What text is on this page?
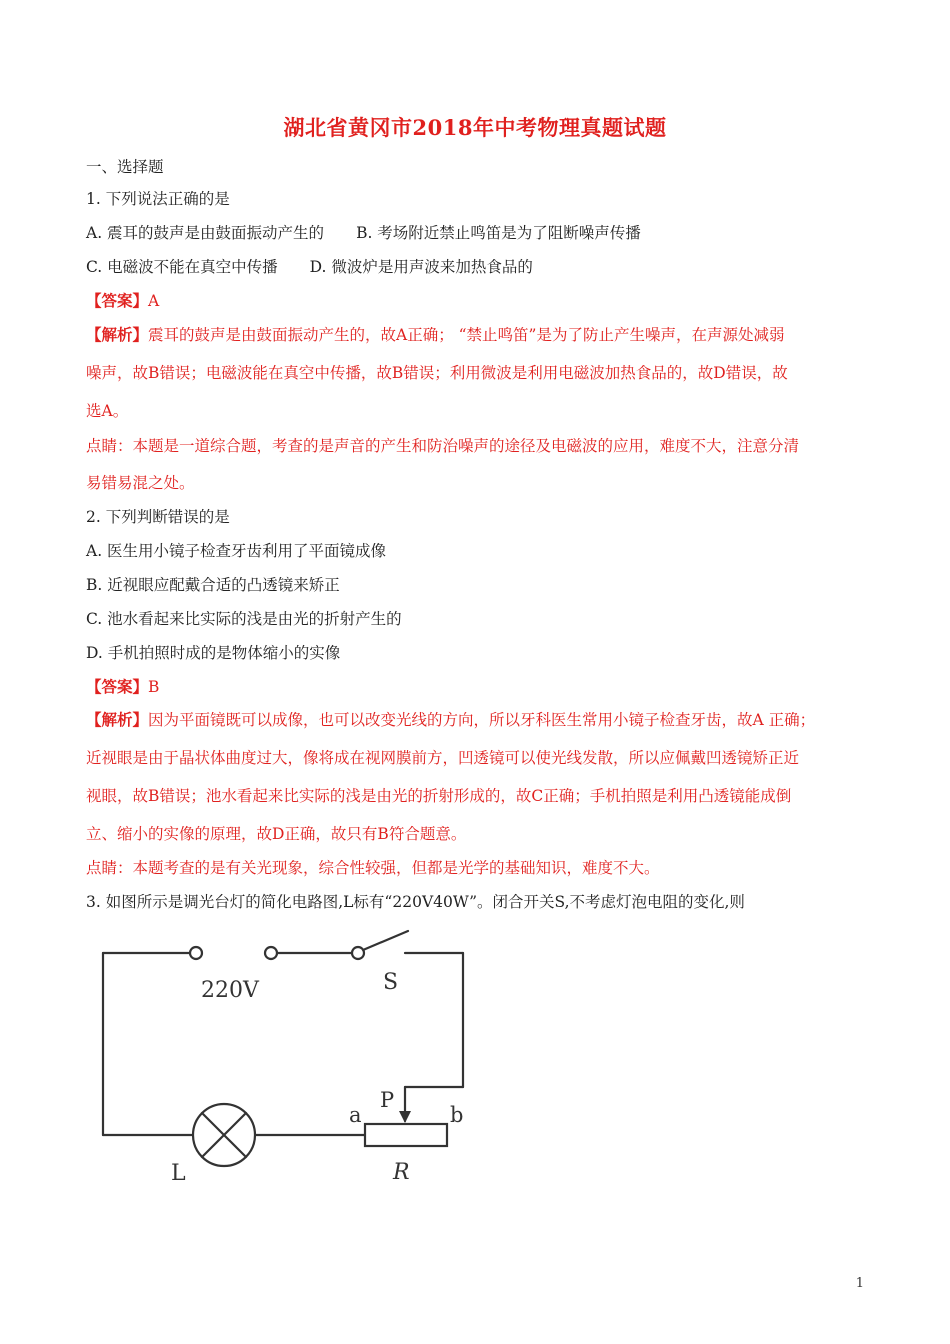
湖北省黄冈市2018年中考物理真题试题
一、选择题
1. 下列说法正确的是
A. 震耳的鼓声是由鼓面振动产生的 B. 考场附近禁止鸣笛是为了阻断噪声传播
C. 电磁波不能在真空中传播 D. 微波炉是用声波来加热食品的
【答案】A
【解析】震耳的鼓声是由鼓面振动产生的，故A正确； “禁止鸣笛”是为了防止产生噪声，在声源处减弱
噪声，故B错误；电磁波能在真空中传播，故B错误；利用微波是利用电磁波加热食品的，故D错误，故
选A。
点睛：本题是一道综合题，考查的是声音的产生和防治噪声的途径及电磁波的应用，难度不大，注意分清
易错易混之处。
2. 下列判断错误的是
A. 医生用小镜子检查牙齿利用了平面镜成像
B. 近视眼应配戴合适的凸透镜来矫正
C. 池水看起来比实际的浅是由光的折射产生的
D. 手机拍照时成的是物体缩小的实像
【答案】B
【解析】因为平面镜既可以成像，也可以改变光线的方向，所以牙科医生常用小镜子检查牙齿，故A 正确；
近视眼是由于晶状体曲度过大，像将成在视网膜前方，凹透镜可以使光线发散，所以应佩戴凹透镜矫正近
视眼，故B错误；池水看起来比实际的浅是由光的折射形成的，故C正确；手机拍照是利用凸透镜能成倒
立、缩小的实像的原理，故D正确，故只有B符合题意。
点睛：本题考查的是有关光现象，综合性较强，但都是光学的基础知识，难度不大。
3. 如图所示是调光台灯的简化电路图,L标有“220V40W”。闭合开关S,不考虑灯泡电阻的变化,则
220V	S
P
a	b
L	R
1
